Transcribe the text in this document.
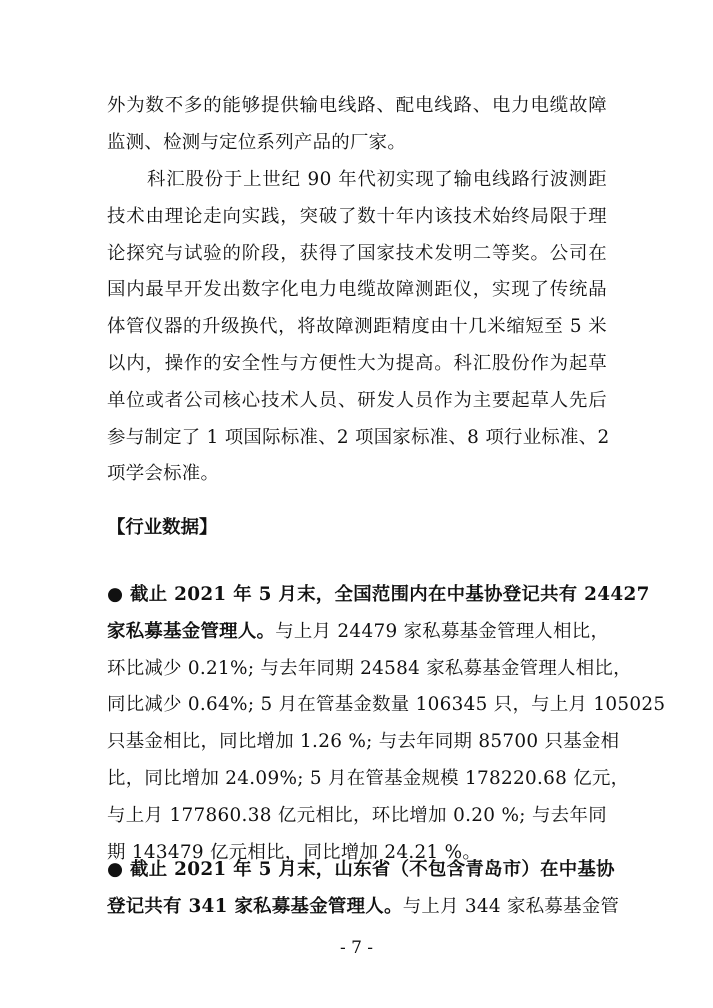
外为数不多的能够提供输电线路、配电线路、电力电缆故障
监测、检测与定位系列产品的厂家。
科汇股份于上世纪 90 年代初实现了输电线路行波测距
技术由理论走向实践，突破了数十年内该技术始终局限于理
论探究与试验的阶段，获得了国家技术发明二等奖。公司在
国内最早开发出数字化电力电缆故障测距仪，实现了传统晶
体管仪器的升级换代，将故障测距精度由十几米缩短至 5 米
以内，操作的安全性与方便性大为提高。科汇股份作为起草
单位或者公司核心技术人员、研发人员作为主要起草人先后
参与制定了 1 项国际标准、2 项国家标准、8 项行业标准、2
项学会标准。
【行业数据】
● 截止 2021 年 5 月末，全国范围内在中基协登记共有 24427
家私募基金管理人。与上月 24479 家私募基金管理人相比，
环比减少 0.21%; 与去年同期 24584 家私募基金管理人相比，
同比减少 0.64%; 5 月在管基金数量 106345 只，与上月 105025
只基金相比，同比增加 1.26 %; 与去年同期 85700 只基金相
比，同比增加 24.09%; 5 月在管基金规模 178220.68 亿元，
与上月 177860.38 亿元相比，环比增加 0.20 %; 与去年同
期 143479 亿元相比，同比增加 24.21 %。
● 截止 2021 年 5 月末，山东省（不包含青岛市）在中基协
登记共有 341 家私募基金管理人。与上月 344 家私募基金管
- 7 -
